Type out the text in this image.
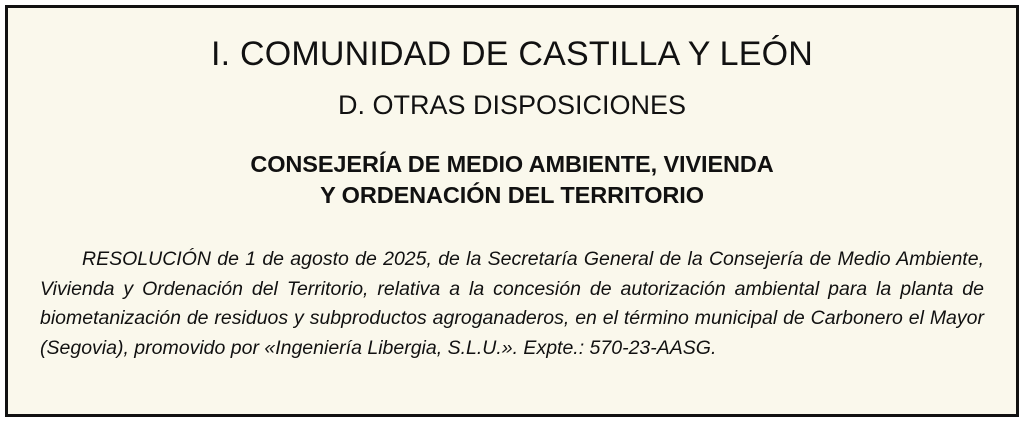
I. COMUNIDAD DE CASTILLA Y LEÓN
D. OTRAS DISPOSICIONES
CONSEJERÍA DE MEDIO AMBIENTE, VIVIENDA
Y ORDENACIÓN DEL TERRITORIO

RESOLUCIÓN de 1 de agosto de 2025, de la Secretaría General de la Consejería de Medio Ambiente, Vivienda y Ordenación del Territorio, relativa a la concesión de autorización ambiental para la planta de biometanización de residuos y subproductos agroganaderos, en el término municipal de Carbonero el Mayor (Segovia), promovido por «Ingeniería Libergia, S.L.U.». Expte.: 570-23-AASG.
